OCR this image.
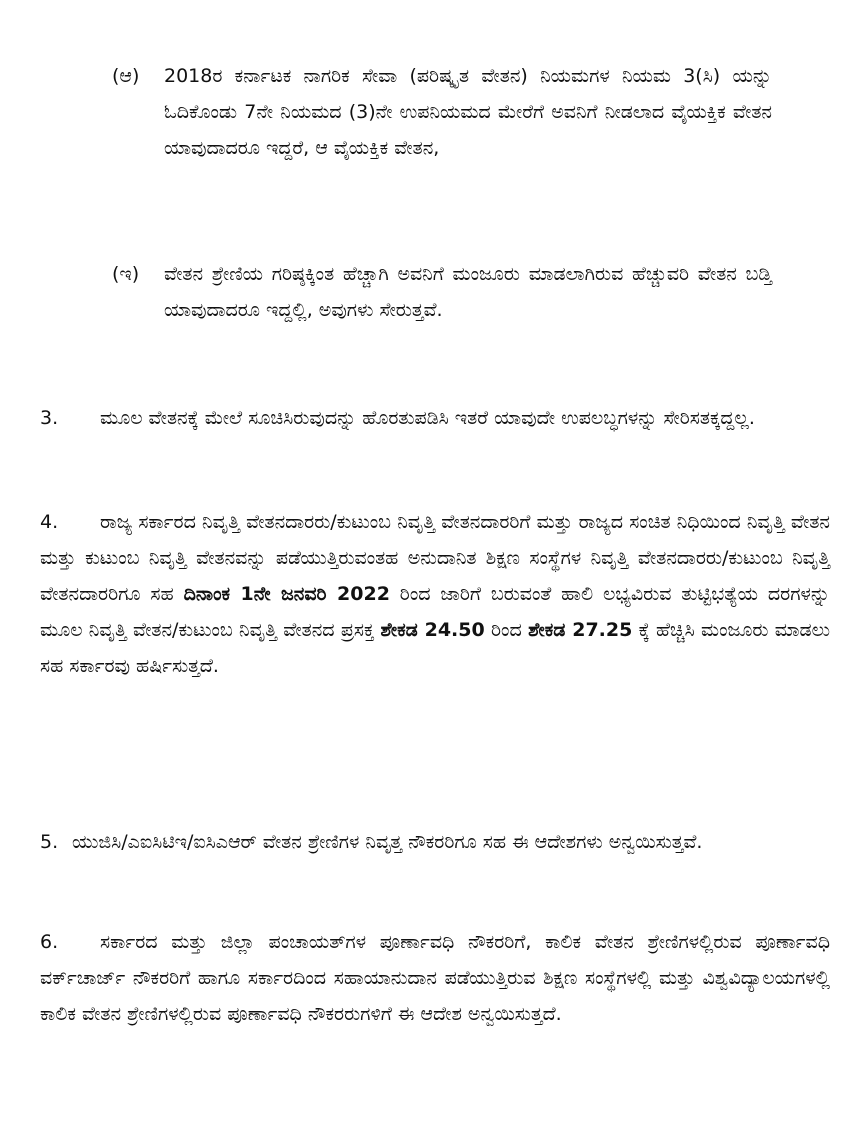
(ಆ) 2018ರ ಕರ್ನಾಟಕ ನಾಗರಿಕ ಸೇವಾ (ಪರಿಷ್ಕೃತ ವೇತನ) ನಿಯಮಗಳ ನಿಯಮ 3(ಸಿ) ಯನ್ನು ಓದಿಕೊಂಡು 7ನೇ ನಿಯಮದ (3)ನೇ ಉಪನಿಯಮದ ಮೇರೆಗೆ ಅವನಿಗೆ ನೀಡಲಾದ ವೈಯಕ್ತಿಕ ವೇತನ ಯಾವುದಾದರೂ ಇದ್ದರೆ, ಆ ವೈಯಕ್ತಿಕ ವೇತನ,
(ಇ) ವೇತನ ಶ್ರೇಣಿಯ ಗರಿಷ್ಠಕ್ಕಿಂತ ಹೆಚ್ಚಾಗಿ ಅವನಿಗೆ ಮಂಜೂರು ಮಾಡಲಾಗಿರುವ ಹೆಚ್ಚುವರಿ ವೇತನ ಬಡ್ತಿ ಯಾವುದಾದರೂ ಇದ್ದಲ್ಲಿ, ಅವುಗಳು ಸೇರುತ್ತವೆ.
3. ಮೂಲ ವೇತನಕ್ಕೆ ಮೇಲೆ ಸೂಚಿಸಿರುವುದನ್ನು ಹೊರತುಪಡಿಸಿ ಇತರೆ ಯಾವುದೇ ಉಪಲಬ್ಧಗಳನ್ನು ಸೇರಿಸತಕ್ಕದ್ದಲ್ಲ.
4. ರಾಜ್ಯ ಸರ್ಕಾರದ ನಿವೃತ್ತಿ ವೇತನದಾರರು/ಕುಟುಂಬ ನಿವೃತ್ತಿ ವೇತನದಾರರಿಗೆ ಮತ್ತು ರಾಜ್ಯದ ಸಂಚಿತ ನಿಧಿಯಿಂದ ನಿವೃತ್ತಿ ವೇತನ ಮತ್ತು ಕುಟುಂಬ ನಿವೃತ್ತಿ ವೇತನವನ್ನು ಪಡೆಯುತ್ತಿರುವಂತಹ ಅನುದಾನಿತ ಶಿಕ್ಷಣ ಸಂಸ್ಥೆಗಳ ನಿವೃತ್ತಿ ವೇತನದಾರರು/ಕುಟುಂಬ ನಿವೃತ್ತಿ ವೇತನದಾರರಿಗೂ ಸಹ ದಿನಾಂಕ 1ನೇ ಜನವರಿ 2022 ರಿಂದ ಜಾರಿಗೆ ಬರುವಂತೆ ಹಾಲಿ ಲಭ್ಯವಿರುವ ತುಟ್ಟಿಭತ್ಯೆಯ ದರಗಳನ್ನು ಮೂಲ ನಿವೃತ್ತಿ ವೇತನ/ಕುಟುಂಬ ನಿವೃತ್ತಿ ವೇತನದ ಪ್ರಸಕ್ತ ಶೇಕಡ 24.50 ರಿಂದ ಶೇಕಡ 27.25 ಕ್ಕೆ ಹೆಚ್ಚಿಸಿ ಮಂಜೂರು ಮಾಡಲು ಸಹ ಸರ್ಕಾರವು ಹರ್ಷಿಸುತ್ತದೆ.
5. ಯುಜಿಸಿ/ಎಐಸಿಟಿಇ/ಐಸಿಎಆರ್ ವೇತನ ಶ್ರೇಣಿಗಳ ನಿವೃತ್ತ ನೌಕರರಿಗೂ ಸಹ ಈ ಆದೇಶಗಳು ಅನ್ವಯಿಸುತ್ತವೆ.
6. ಸರ್ಕಾರದ ಮತ್ತು ಜಿಲ್ಲಾ ಪಂಚಾಯತ್‌ಗಳ ಪೂರ್ಣಾವಧಿ ನೌಕರರಿಗೆ, ಕಾಲಿಕ ವೇತನ ಶ್ರೇಣಿಗಳಲ್ಲಿರುವ ಪೂರ್ಣಾವಧಿ ವರ್ಕ್‌ಚಾರ್ಜ್ ನೌಕರರಿಗೆ ಹಾಗೂ ಸರ್ಕಾರದಿಂದ ಸಹಾಯಾನುದಾನ ಪಡೆಯುತ್ತಿರುವ ಶಿಕ್ಷಣ ಸಂಸ್ಥೆಗಳಲ್ಲಿ ಮತ್ತು ವಿಶ್ವವಿದ್ಯಾಲಯಗಳಲ್ಲಿ ಕಾಲಿಕ ವೇತನ ಶ್ರೇಣಿಗಳಲ್ಲಿರುವ ಪೂರ್ಣಾವಧಿ ನೌಕರರುಗಳಿಗೆ ಈ ಆದೇಶ ಅನ್ವಯಿಸುತ್ತದೆ.
